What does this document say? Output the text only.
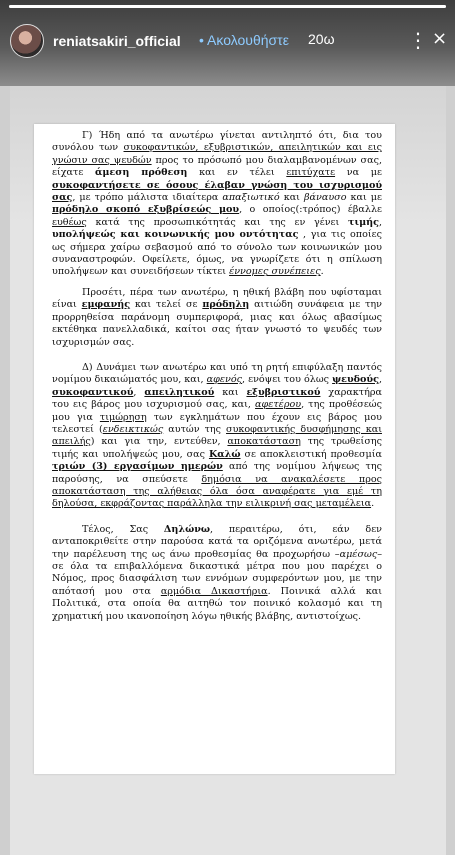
reniatsakiri_official • Ακολουθήστε 20ω	⋮ ×

Γ) Ήδη από τα ανωτέρω γίνεται αντιληπτό ότι, δια του συνόλου των συκοφαντικών, εξυβριστικών, απειλητικών και εις γνώσιν σας ψευδών προς το πρόσωπό μου διαλαμβανομένων σας, είχατε άμεση πρόθεση και εν τέλει επιτύχατε να με συκοφαντήσετε σε όσους έλαβαν γνώση του ισχυρισμού σας, με τρόπο μάλιστα ιδιαίτερα απαξιωτικό και βάναυσο και με πρόδηλο σκοπό εξυβρίσεώς μου, ο οποίος(:τρόπος) έβαλλε ευθέως κατά της προσωπικότητάς και της εν γένει τιμής, υπολήψεώς και κοινωνικής μου οντότητας , για τις οποίες ως σήμερα χαίρω σεβασμού από το σύνολο των κοινωνικών μου συναναστροφών. Οφείλετε, όμως, να γνωρίζετε ότι η σπίλωση υπολήψεων και συνειδήσεων τίκτει έννομες συνέπειες.

Προσέτι, πέρα των ανωτέρω, η ηθική βλάβη που υφίσταμαι είναι εμφανής και τελεί σε πρόδηλη αιτιώδη συνάφεια με την προρρηθείσα παράνομη συμπεριφορά, μιας και όλως αβασίμως εκτέθηκα πανελλαδικά, καίτοι σας ήταν γνωστό το ψευδές των ισχυρισμών σας.

Δ) Δυνάμει των ανωτέρω και υπό τη ρητή επιφύλαξη παντός νομίμου δικαιώματός μου, και, αφενός, ενόψει του όλως ψευδούς, συκοφαντικού, απειλητικού και εξυβριστικού χαρακτήρα του εις βάρος μου ισχυρισμού σας, και, αφετέρου, της προθέσεώς μου για τιμώρηση των εγκλημάτων που έχουν εις βάρος μου τελεστεί (ενδεικτικώς αυτών της συκοφαντικής δυσφήμησης και απειλής) και για την, εντεύθεν, αποκατάσταση της τρωθείσης τιμής και υπολήψεώς μου, σας Καλώ σε αποκλειστική προθεσμία τριών (3) εργασίμων ημερών από της νομίμου λήψεως της παρούσης, να σπεύσετε δημόσια να ανακαλέσετε προς αποκατάσταση της αλήθειας όλα όσα αναφέρατε για εμέ τη δηλούσα, εκφράζοντας παράλληλα την ειλικρινή σας μεταμέλεια.

Τέλος, Σας Δηλώνω, περαιτέρω, ότι, εάν δεν ανταποκριθείτε στην παρούσα κατά τα οριζόμενα ανωτέρω, μετά την παρέλευση της ως άνω προθεσμίας θα προχωρήσω –αμέσως– σε όλα τα επιβαλλόμενα δικαστικά μέτρα που μου παρέχει ο Νόμος, προς διασφάλιση των εννόμων συμφερόντων μου, με την απότασή μου στα αρμόδια Δικαστήρια. Ποινικά αλλά και Πολιτικά, στα οποία θα αιτηθώ τον ποινικό κολασμό και τη χρηματική μου ικανοποίηση λόγω ηθικής βλάβης, αντιστοίχως.
